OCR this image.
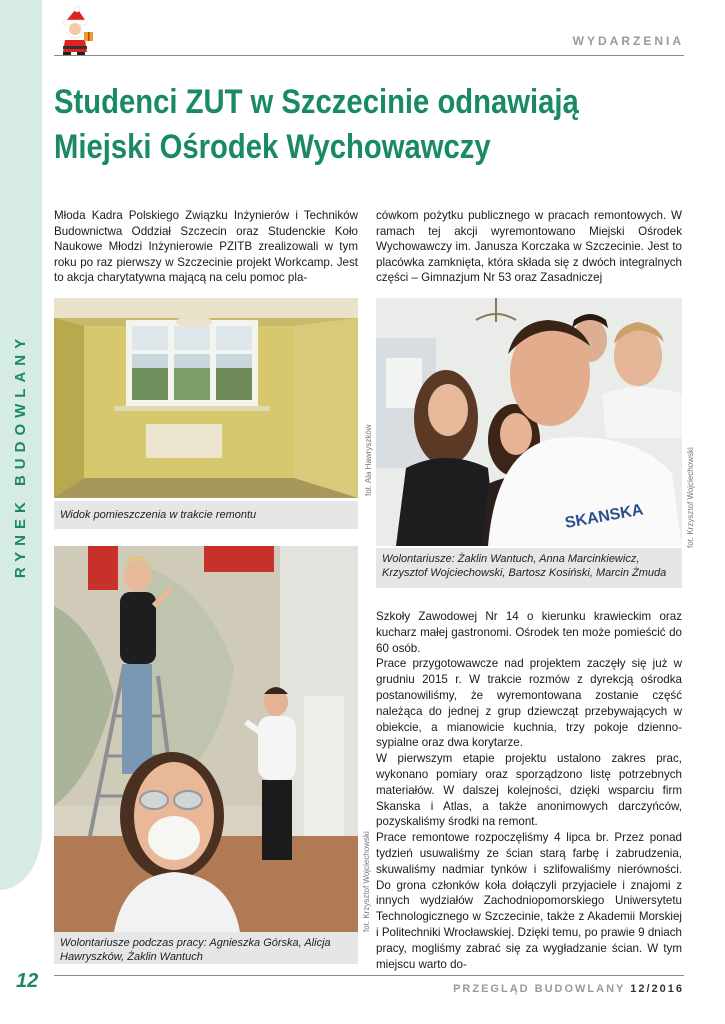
RYNEK BUDOWLANY
WYDARZENIA
Studenci ZUT w Szczecinie odnawiają
Miejski Ośrodek Wychowawczy

Młoda Kadra Polskiego Związku Inżynierów i Techników Budownictwa Oddział Szczecin oraz Studenckie Koło Naukowe Młodzi Inżynierowie PZITB zrealizowali w tym roku po raz pierwszy w Szczecinie projekt Workcamp. Jest to akcja charytatywna mającą na celu pomoc pla-

cówkom pożytku publicznego w pracach remontowych. W ramach tej akcji wyremontowano Miejski Ośrodek Wychowawczy im. Janusza Korczaka w Szczecinie. Jest to placówka zamknięta, która składa się z dwóch integralnych części – Gimnazjum Nr 53 oraz Zasadniczej

fot. Ala Hawryszków
Widok pomieszczenia w trakcie remontu	SKANSKA	fot. Krzysztof Wojciechowski
Wolontariusze: Żaklin Wantuch, Anna Marcinkiewicz, Krzysztof Wojciechowski, Bartosz Kosiński, Marcin Żmuda
fot. Krzysztof Wojciechowski
Wolontariusze podczas pracy: Agnieszka Górska, Alicja Hawryszków, Żaklin Wantuch

Szkoły Zawodowej Nr 14 o kierunku krawieckim oraz kucharz małej gastronomi. Ośrodek ten może pomieścić do 60 osób.

Prace przygotowawcze nad projektem zaczęły się już w grudniu 2015 r. W trakcie rozmów z dyrekcją ośrodka postanowiliśmy, że wyremontowana zostanie część należąca do jednej z grup dziewcząt przebywających w obiekcie, a mianowicie kuchnia, trzy pokoje dzienno-sypialne oraz dwa korytarze.

W pierwszym etapie projektu ustalono zakres prac, wykonano pomiary oraz sporządzono listę potrzebnych materiałów. W dalszej kolejności, dzięki wsparciu firm Skanska i Atlas, a także anonimowych darczyńców, pozyskaliśmy środki na remont.

Prace remontowe rozpoczęliśmy 4 lipca br. Przez ponad tydzień usuwaliśmy ze ścian starą farbę i zabrudzenia, skuwaliśmy nadmiar tynków i szlifowaliśmy nierówności. Do grona członków koła dołączyli przyjaciele i znajomi z innych wydziałów Zachodniopomorskiego Uniwersytetu Technologicznego w Szczecinie, także z Akademii Morskiej i Politechniki Wrocławskiej. Dzięki temu, po prawie 9 dniach pracy, mogliśmy zabrać się za wygładzanie ścian. W tym miejscu warto do-

12	PRZEGLĄD BUDOWLANY 12/2016
